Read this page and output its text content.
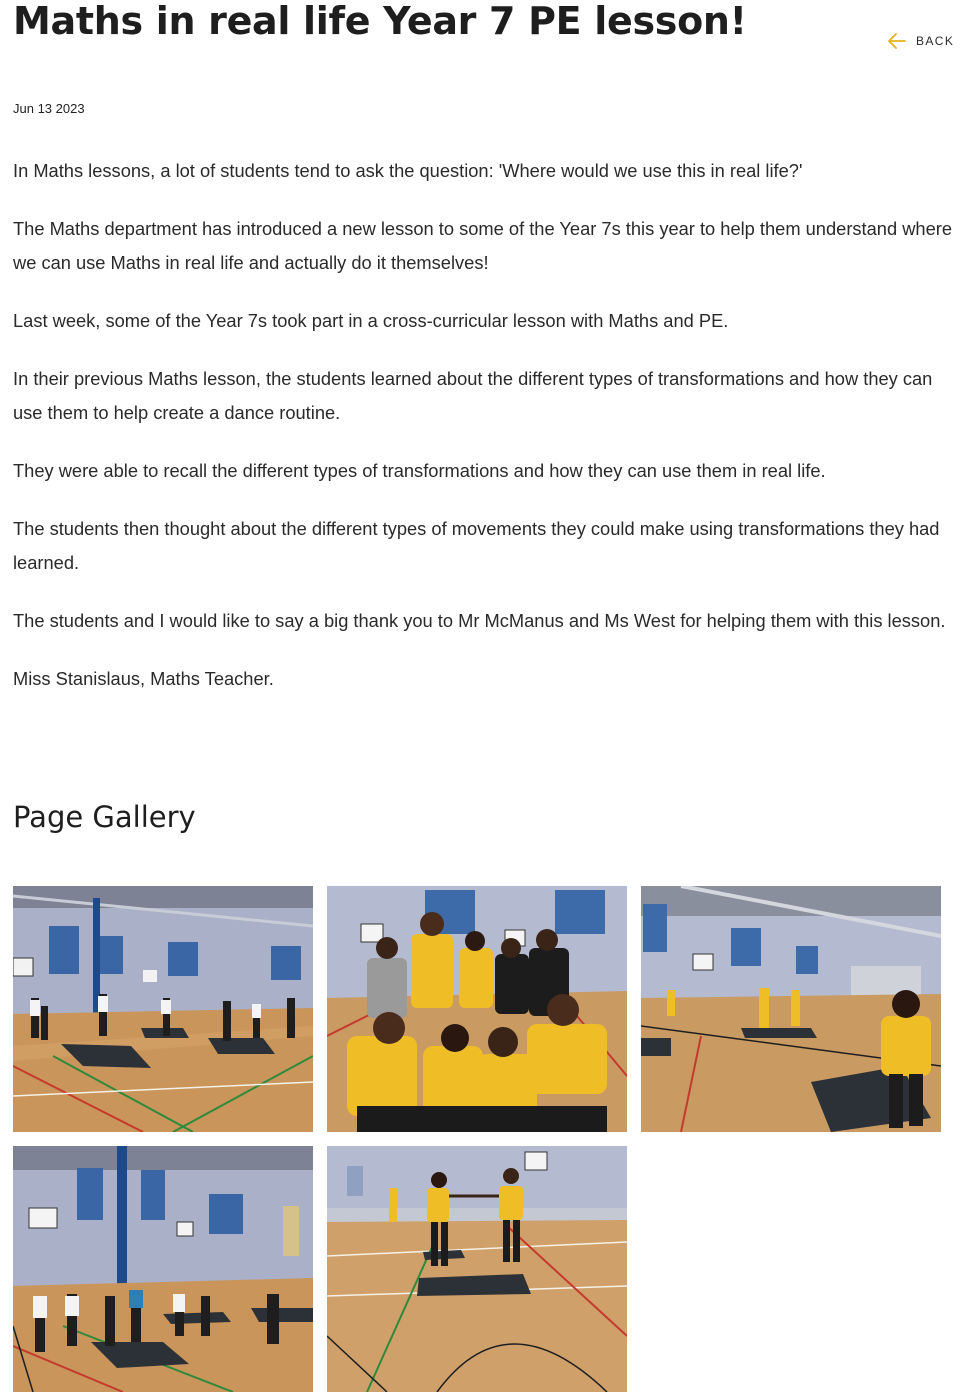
Maths in real life Year 7 PE lesson!	BACK
Jun 13 2023

In Maths lessons, a lot of students tend to ask the question: 'Where would we use this in real life?'

The Maths department has introduced a new lesson to some of the Year 7s this year to help them understand where we can use Maths in real life and actually do it themselves!

Last week, some of the Year 7s took part in a cross-curricular lesson with Maths and PE.

In their previous Maths lesson, the students learned about the different types of transformations and how they can use them to help create a dance routine.

They were able to recall the different types of transformations and how they can use them in real life.

The students then thought about the different types of movements they could make using transformations they had learned.

The students and I would like to say a big thank you to Mr McManus and Ms West for helping them with this lesson.

Miss Stanislaus, Maths Teacher.

Page Gallery
